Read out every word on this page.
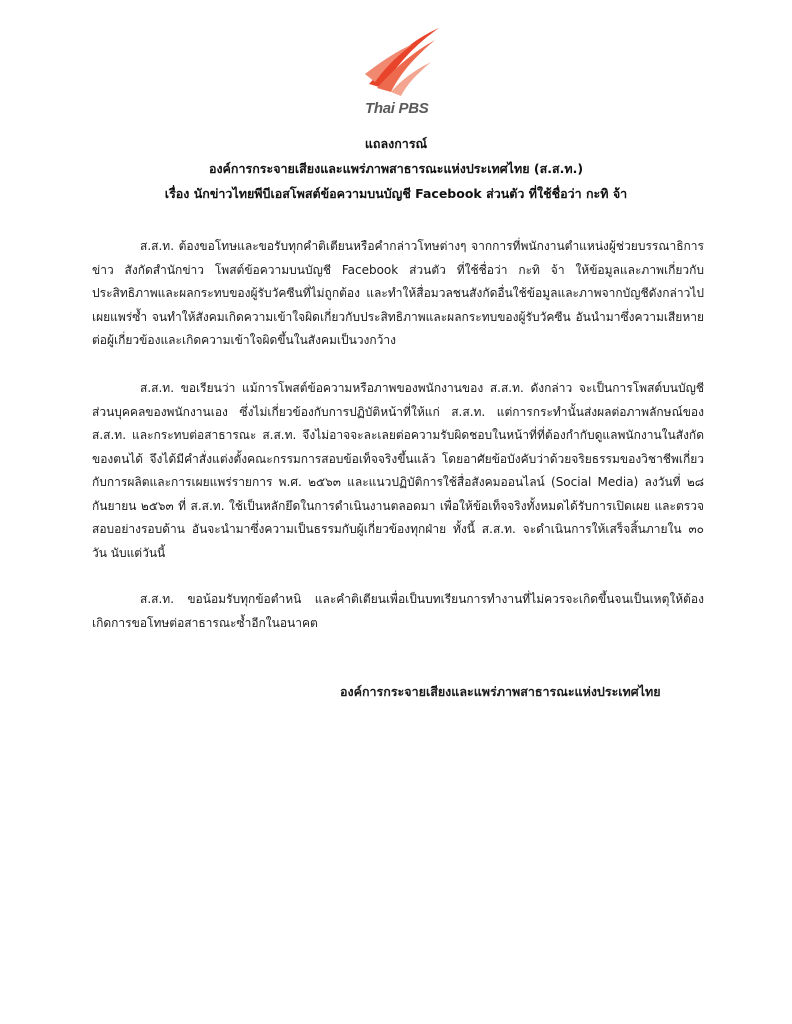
Thai PBS
แถลงการณ์
องค์การกระจายเสียงและแพร่ภาพสาธารณะแห่งประเทศไทย (ส.ส.ท.)
เรื่อง นักข่าวไทยพีบีเอสโพสต์ข้อความบนบัญชี Facebook ส่วนตัว ที่ใช้ชื่อว่า กะทิ จ้า

ส.ส.ท. ต้องขอโทษและขอรับทุกคำติเตียนหรือคำกล่าวโทษต่างๆ จากการที่พนักงานตำแหน่งผู้ช่วยบรรณาธิการข่าว สังกัดสำนักข่าว โพสต์ข้อความบนบัญชี Facebook ส่วนตัว ที่ใช้ชื่อว่า กะทิ จ้า ให้ข้อมูลและภาพเกี่ยวกับประสิทธิภาพและผลกระทบของผู้รับวัคซีนที่ไม่ถูกต้อง และทำให้สื่อมวลชนสังกัดอื่นใช้ข้อมูลและภาพจากบัญชีดังกล่าวไปเผยแพร่ซ้ำ จนทำให้สังคมเกิดความเข้าใจผิดเกี่ยวกับประสิทธิภาพและผลกระทบของผู้รับวัคซีน อันนำมาซึ่งความเสียหายต่อผู้เกี่ยวข้องและเกิดความเข้าใจผิดขึ้นในสังคมเป็นวงกว้าง

ส.ส.ท. ขอเรียนว่า แม้การโพสต์ข้อความหรือภาพของพนักงานของ ส.ส.ท. ดังกล่าว จะเป็นการโพสต์บนบัญชีส่วนบุคคลของพนักงานเอง ซึ่งไม่เกี่ยวข้องกับการปฏิบัติหน้าที่ให้แก่ ส.ส.ท. แต่การกระทำนั้นส่งผลต่อภาพลักษณ์ของ ส.ส.ท. และกระทบต่อสาธารณะ ส.ส.ท. จึงไม่อาจจะละเลยต่อความรับผิดชอบในหน้าที่ที่ต้องกำกับดูแลพนักงานในสังกัดของตนได้ จึงได้มีคำสั่งแต่งตั้งคณะกรรมการสอบข้อเท็จจริงขึ้นแล้ว โดยอาศัยข้อบังคับว่าด้วยจริยธรรมของวิชาชีพเกี่ยวกับการผลิตและการเผยแพร่รายการ พ.ศ. ๒๕๖๓ และแนวปฏิบัติการใช้สื่อสังคมออนไลน์ (Social Media) ลงวันที่ ๒๘ กันยายน ๒๕๖๓ ที่ ส.ส.ท. ใช้เป็นหลักยึดในการดำเนินงานตลอดมา เพื่อให้ข้อเท็จจริงทั้งหมดได้รับการเปิดเผย และตรวจสอบอย่างรอบด้าน อันจะนำมาซึ่งความเป็นธรรมกับผู้เกี่ยวข้องทุกฝ่าย ทั้งนี้ ส.ส.ท. จะดำเนินการให้เสร็จสิ้นภายใน ๓๐ วัน นับแต่วันนี้

ส.ส.ท. ขอน้อมรับทุกข้อตำหนิ และคำติเตียนเพื่อเป็นบทเรียนการทำงานที่ไม่ควรจะเกิดขึ้นจนเป็นเหตุให้ต้องเกิดการขอโทษต่อสาธารณะซ้ำอีกในอนาคต

องค์การกระจายเสียงและแพร่ภาพสาธารณะแห่งประเทศไทย
